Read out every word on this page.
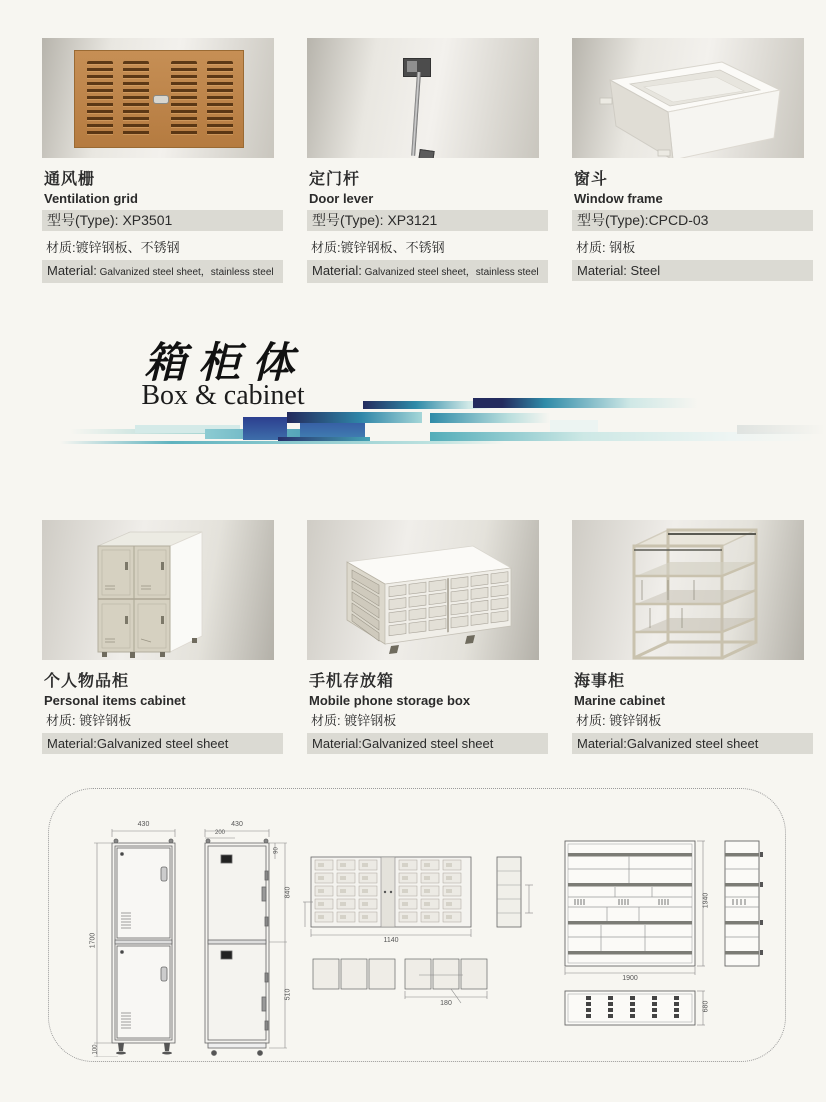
通风栅
Ventilation grid
型号(Type): XP3501
材质:镀锌钢板、不锈钢
Material: Galvanized steel sheet，stainless steel
定门杆
Door lever
型号(Type): XP3121
材质:镀锌钢板、不锈钢
Material: Galvanized steel sheet，stainless steel
窗斗
Window frame
型号(Type):CPCD-03
材质: 钢板
Material: Steel
箱柜体
Box & cabinet
个人物品柜
Personal items cabinet
材质: 镀锌钢板
Material:Galvanized steel sheet
手机存放箱
Mobile phone storage box
材质: 镀锌钢板
Material:Galvanized steel sheet
海事柜
Marine cabinet
材质: 镀锌钢板
Material:Galvanized steel sheet
430	430
200
90
1700
100
840
510
1140
180
1900
1940
680
